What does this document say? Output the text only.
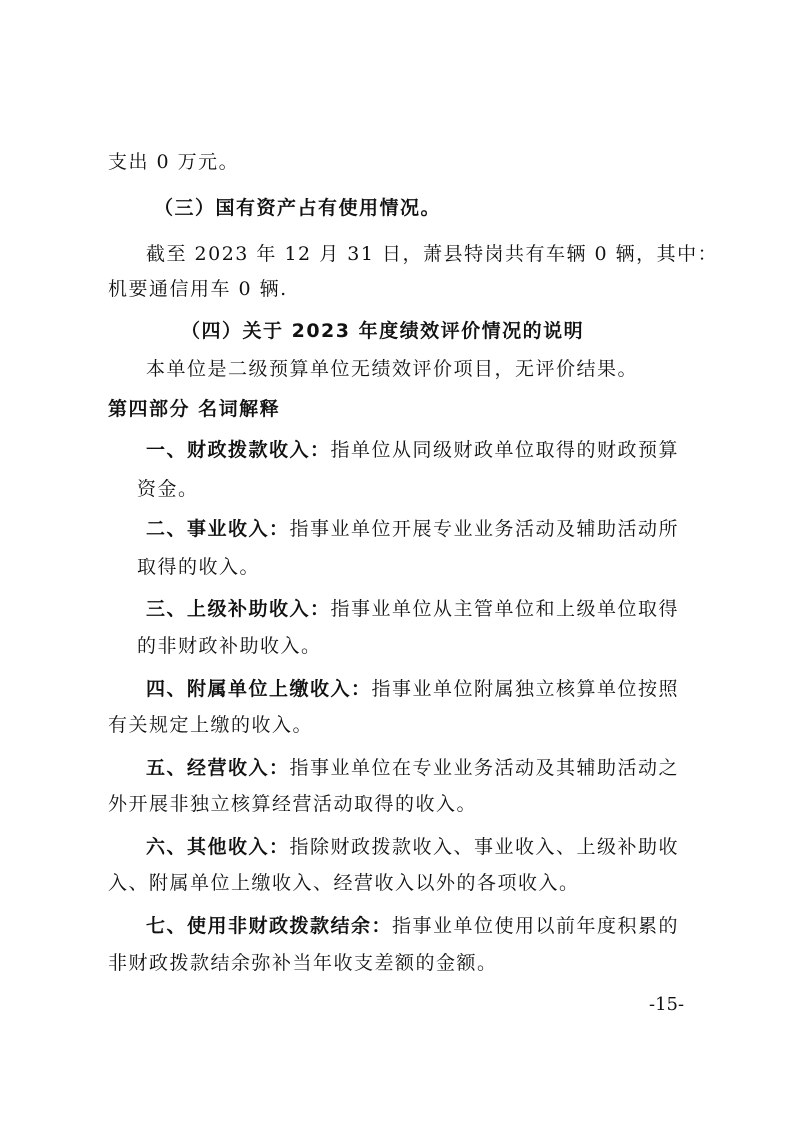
支出 0 万元。
（三）国有资产占有使用情况。
截至 2023 年 12 月 31 日，萧县特岗共有车辆 0 辆，其中：
机要通信用车 0 辆.
（四）关于 2023 年度绩效评价情况的说明
本单位是二级预算单位无绩效评价项目，无评价结果。
第四部分 名词解释
一、财政拨款收入：指单位从同级财政单位取得的财政预算
资金。
二、事业收入：指事业单位开展专业业务活动及辅助活动所
取得的收入。
三、上级补助收入：指事业单位从主管单位和上级单位取得
的非财政补助收入。
四、附属单位上缴收入：指事业单位附属独立核算单位按照
有关规定上缴的收入。
五、经营收入：指事业单位在专业业务活动及其辅助活动之
外开展非独立核算经营活动取得的收入。
六、其他收入：指除财政拨款收入、事业收入、上级补助收
入、附属单位上缴收入、经营收入以外的各项收入。
七、使用非财政拨款结余：指事业单位使用以前年度积累的
非财政拨款结余弥补当年收支差额的金额。
-15-
